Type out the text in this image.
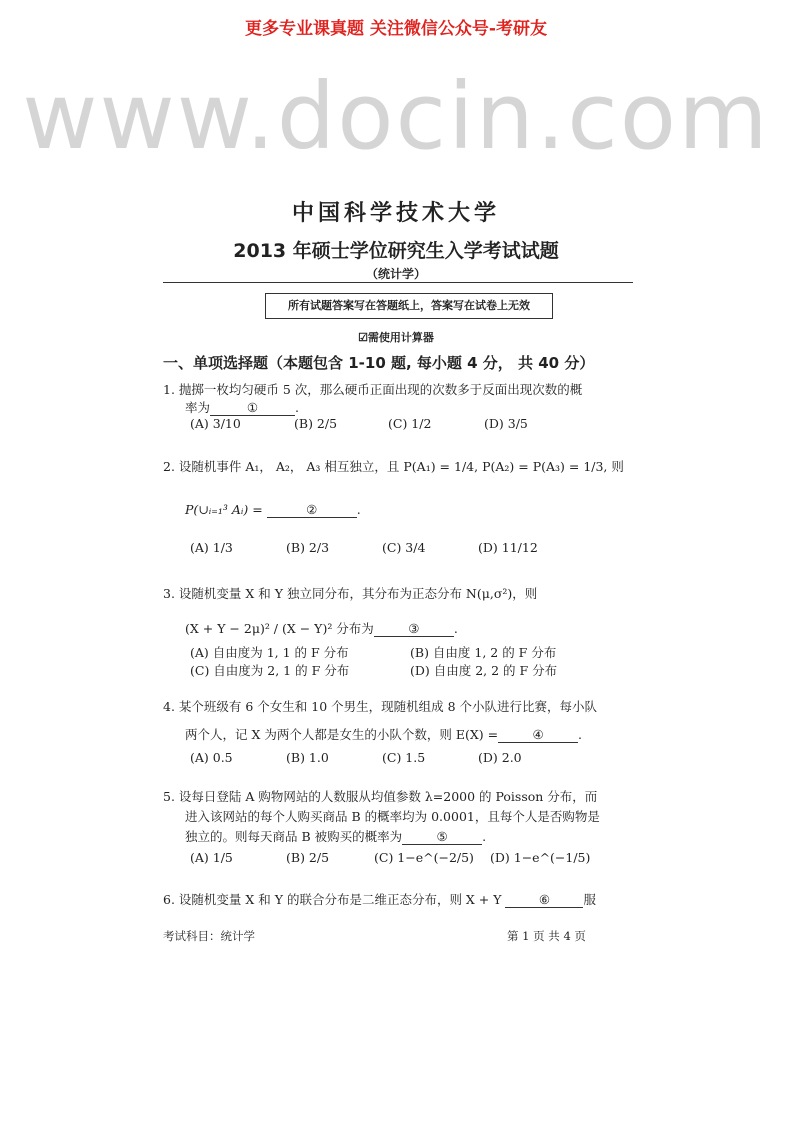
更多专业课真题 关注微信公众号-考研友
www.docin.com
中国科学技术大学
2013 年硕士学位研究生入学考试试题
（统计学）
所有试题答案写在答题纸上，答案写在试卷上无效
☑需使用计算器
一、单项选择题（本题包含 1-10 题, 每小题 4 分， 共 40 分）
1. 抛掷一枚均匀硬币 5 次，那么硬币正面出现的次数多于反面出现次数的概
率为	①	.
(A) 3/10	(B) 2/5	(C) 1/2	(D) 3/5
2. 设随机事件 A₁， A₂， A₃ 相互独立，且 P(A₁) = 1/4, P(A₂) = P(A₃) = 1/3, 则
P(∪ᵢ₌₁³ Aᵢ) =	②	.
(A) 1/3	(B) 2/3	(C) 3/4	(D) 11/12
3. 设随机变量 X 和 Y 独立同分布，其分布为正态分布 N(μ,σ²)，则
(X + Y − 2μ)² / (X − Y)² 分布为	③	.
(A) 自由度为 1, 1 的 F 分布	(B) 自由度 1, 2 的 F 分布
(C) 自由度为 2, 1 的 F 分布	(D) 自由度 2, 2 的 F 分布
4. 某个班级有 6 个女生和 10 个男生，现随机组成 8 个小队进行比赛，每小队
两个人，记 X 为两个人都是女生的小队个数，则 E(X) =	④	.
(A) 0.5	(B) 1.0	(C) 1.5	(D) 2.0
5. 设每日登陆 A 购物网站的人数服从均值参数 λ=2000 的 Poisson 分布，而
进入该网站的每个人购买商品 B 的概率均为 0.0001，且每个人是否购物是
独立的。则每天商品 B 被购买的概率为	⑤	.
(A) 1/5	(B) 2/5	(C) 1−e^(−2/5) (D) 1−e^(−1/5)
6. 设随机变量 X 和 Y 的联合分布是二维正态分布，则 X + Y	⑥	服
考试科目：统计学	第 1 页 共 4 页
